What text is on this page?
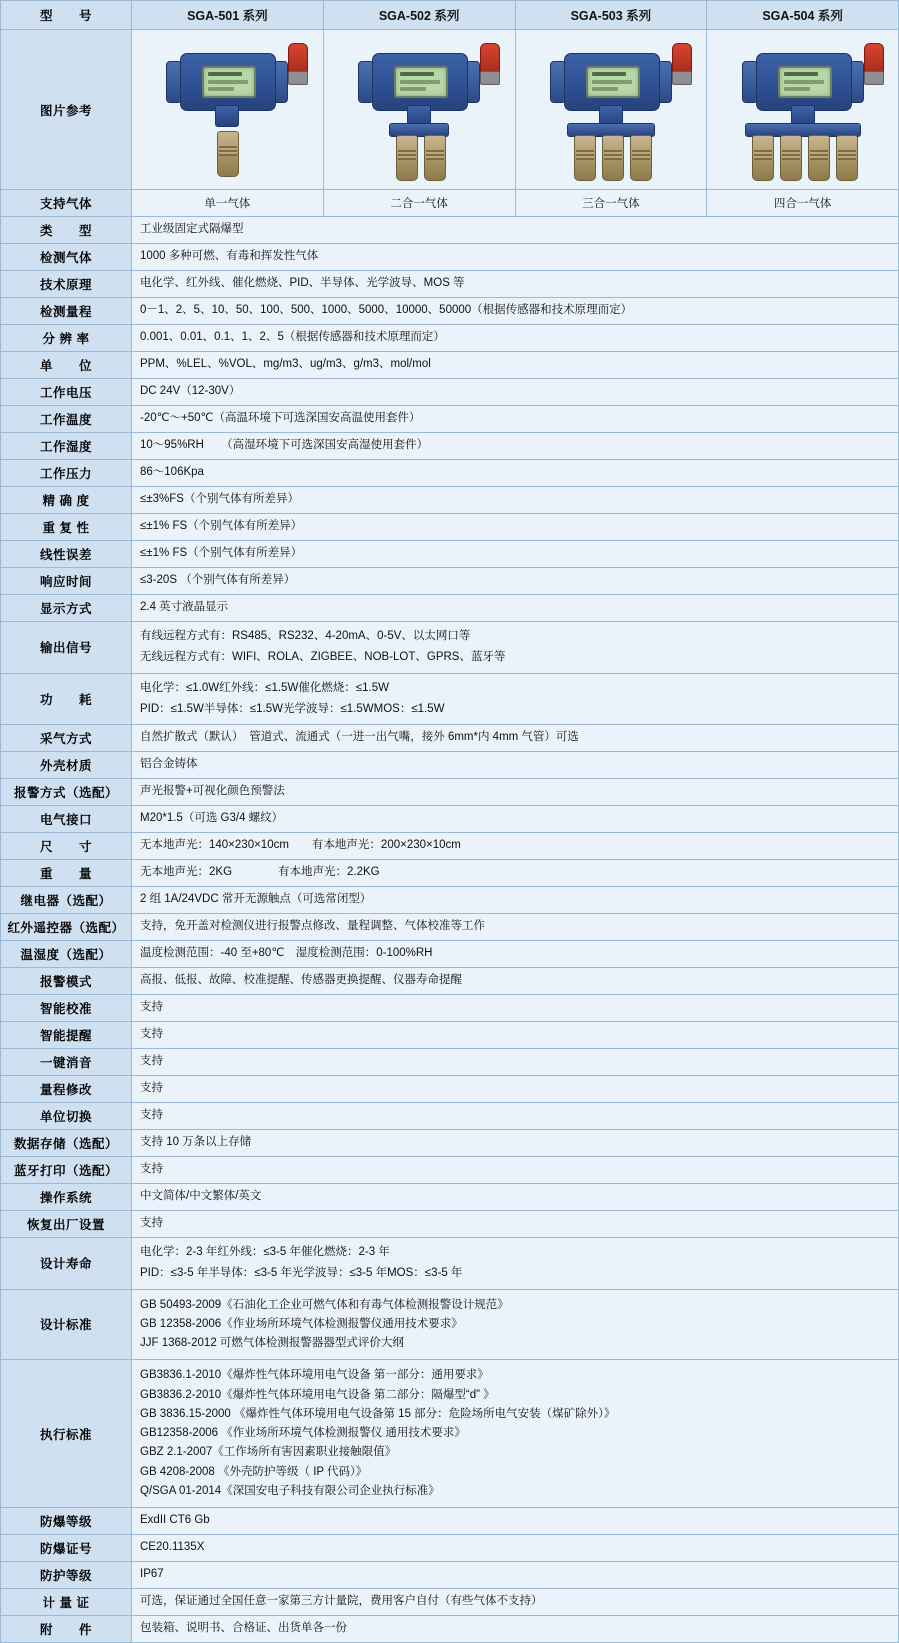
型　　号	SGA-501 系列	SGA-502 系列	SGA-503 系列	SGA-504 系列
图片参考	

支持气体	单一气体	二合一气体	三合一气体	四合一气体
类　　型	工业级固定式隔爆型			
检测气体	1000 多种可燃、有毒和挥发性气体			
技术原理	电化学、红外线、催化燃烧、PID、半导体、光学波导、MOS 等			
检测量程	0－1、2、5、10、50、100、500、1000、5000、10000、50000（根据传感器和技术原理而定）			
分 辨 率	0.001、0.01、0.1、1、2、5（根据传感器和技术原理而定）			
单　　位	PPM、%LEL、%VOL、mg/m3、ug/m3、g/m3、mol/mol			
工作电压	DC 24V（12-30V）			
工作温度	-20℃～+50℃（高温环境下可选深国安高温使用套件）			
工作湿度	10～95%RH　　（高湿环境下可选深国安高湿使用套件）			
工作压力	86～106Kpa			
精 确 度	≤±3%FS（个别气体有所差异）			
重 复 性	≤±1% FS（个别气体有所差异）			
线性误差	≤±1% FS（个别气体有所差异）			
响应时间	≤3-20S （个别气体有所差异）			
显示方式	2.4 英寸液晶显示			
输出信号	有线远程方式有：RS485、RS232、4-20mA、0-5V、以太网口等
无线远程方式有：WIFI、ROLA、ZIGBEE、NOB-LOT、GPRS、蓝牙等			

功　　耗	电化学：≤1.0W 红外线：≤1.5W 催化燃烧：≤1.5W
PID：≤1.5W 半导体：≤1.5W 光学波导：≤1.5W MOS：≤1.5W			

采气方式	自然扩散式（默认）　管道式、流通式（一进一出气嘴，接外 6mm*内 4mm 气管）可选			
外壳材质	铝合金铸体			
报警方式（选配）	声光报警+可视化颜色预警法			
电气接口	M20*1.5（可选 G3/4 螺纹）			
尺　　寸	无本地声光：140×230×10cm　　有本地声光：200×230×10cm			
重　　量	无本地声光：2KG　　　　有本地声光：2.2KG			
继电器（选配）	2 组 1A/24VDC 常开无源触点（可选常闭型）			
红外遥控器（选配）	支持，免开盖对检测仪进行报警点修改、量程调整、气体校准等工作			
温湿度（选配）	温度检测范围：-40 至+80℃　湿度检测范围：0-100%RH			
报警模式	高报、低报、故障、校准提醒、传感器更换提醒、仪器寿命提醒			
智能校准	支持			
智能提醒	支持			
一键消音	支持			
量程修改	支持			
单位切换	支持			
数据存储（选配）	支持 10 万条以上存储			
蓝牙打印（选配）	支持			
操作系统	中文简体/中文繁体/英文			
恢复出厂设置	支持			
设计寿命	电化学：2-3 年 红外线：≤3-5 年 催化燃烧：2-3 年
PID：≤3-5 年 半导体：≤3-5 年 光学波导：≤3-5 年 MOS：≤3-5 年			

设计标准	GB 50493-2009《石油化工企业可燃气体和有毒气体检测报警设计规范》
GB 12358-2006《作业场所环境气体检测报警仪通用技术要求》
JJF 1368-2012 可燃气体检测报警器器型式评价大纲			

执行标准	
GB3836.1-2010《爆炸性气体环境用电气设备 第一部分：通用要求》
GB3836.2-2010《爆炸性气体环境用电气设备 第二部分：隔爆型“d” 》
GB 3836.15-2000 《爆炸性气体环境用电气设备第 15 部分：危险场所电气安装（煤矿除外）》
GB12358-2006 《作业场所环境气体检测报警仪 通用技术要求》
GBZ 2.1-2007《工作场所有害因素职业接触限值》
GB 4208-2008 《外壳防护等级（ IP 代码）》
Q/SGA 01-2014《深国安电子科技有限公司企业执行标准》

防爆等级	ExdII CT6 Gb			
防爆证号	CE20.1135X			
防护等级	IP67			
计 量 证	可选，保证通过全国任意一家第三方计量院，费用客户自付（有些气体不支持）			
附　　件	包装箱、说明书、合格证、出货单各一份			
